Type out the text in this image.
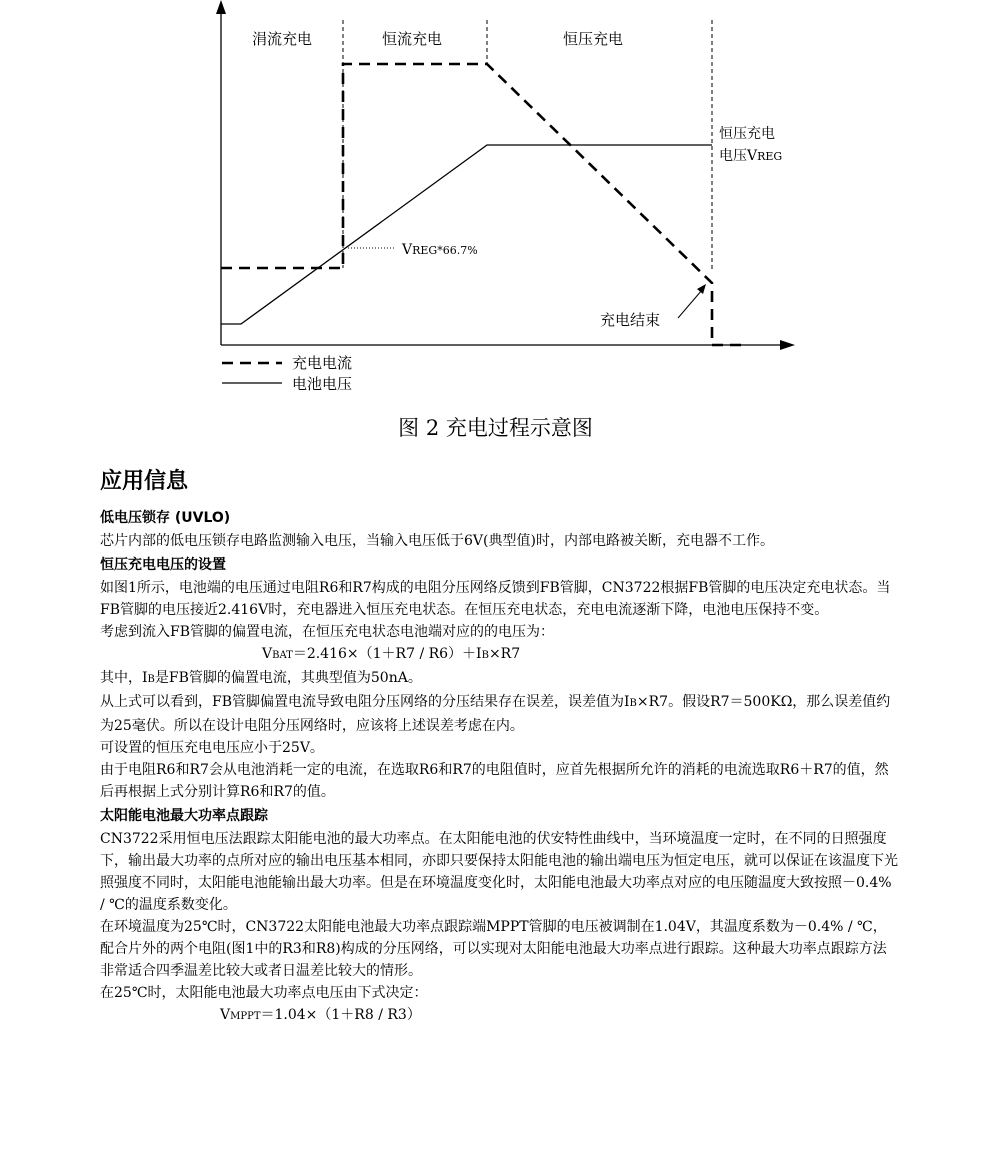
涓流充电	恒流充电	恒压充电
恒压充电
电压VREG
VREG*66.7%
充电结束
充电电流
电池电压
图 2 充电过程示意图
应用信息
低电压锁存 (UVLO)

芯片内部的低电压锁存电路监测输入电压，当输入电压低于6V(典型值)时，内部电路被关断，充电器不工作。

恒压充电电压的设置

如图1所示，电池端的电压通过电阻R6和R7构成的电阻分压网络反馈到FB管脚，CN3722根据FB管脚的电压决定充电状态。当FB管脚的电压接近2.416V时，充电器进入恒压充电状态。在恒压充电状态，充电电流逐渐下降，电池电压保持不变。

考虑到流入FB管脚的偏置电流，在恒压充电状态电池端对应的的电压为：

VBAT＝2.416×（1＋R7 / R6）＋IB×R7

其中，IB是FB管脚的偏置电流，其典型值为50nA。

从上式可以看到，FB管脚偏置电流导致电阻分压网络的分压结果存在误差，误差值为IB×R7。假设R7＝500KΩ，那么误差值约为25毫伏。所以在设计电阻分压网络时，应该将上述误差考虑在内。

可设置的恒压充电电压应小于25V。

由于电阻R6和R7会从电池消耗一定的电流，在选取R6和R7的电阻值时，应首先根据所允许的消耗的电流选取R6＋R7的值，然后再根据上式分别计算R6和R7的值。

太阳能电池最大功率点跟踪

CN3722采用恒电压法跟踪太阳能电池的最大功率点。在太阳能电池的伏安特性曲线中，当环境温度一定时，在不同的日照强度下，输出最大功率的点所对应的输出电压基本相同，亦即只要保持太阳能电池的输出端电压为恒定电压，就可以保证在该温度下光照强度不同时，太阳能电池能输出最大功率。但是在环境温度变化时，太阳能电池最大功率点对应的电压随温度大致按照－0.4% / ℃的温度系数变化。

在环境温度为25℃时，CN3722太阳能电池最大功率点跟踪端MPPT管脚的电压被调制在1.04V，其温度系数为－0.4% / ℃，配合片外的两个电阻(图1中的R3和R8)构成的分压网络，可以实现对太阳能电池最大功率点进行跟踪。这种最大功率点跟踪方法非常适合四季温差比较大或者日温差比较大的情形。

在25℃时，太阳能电池最大功率点电压由下式决定：

VMPPT＝1.04×（1＋R8 / R3）
